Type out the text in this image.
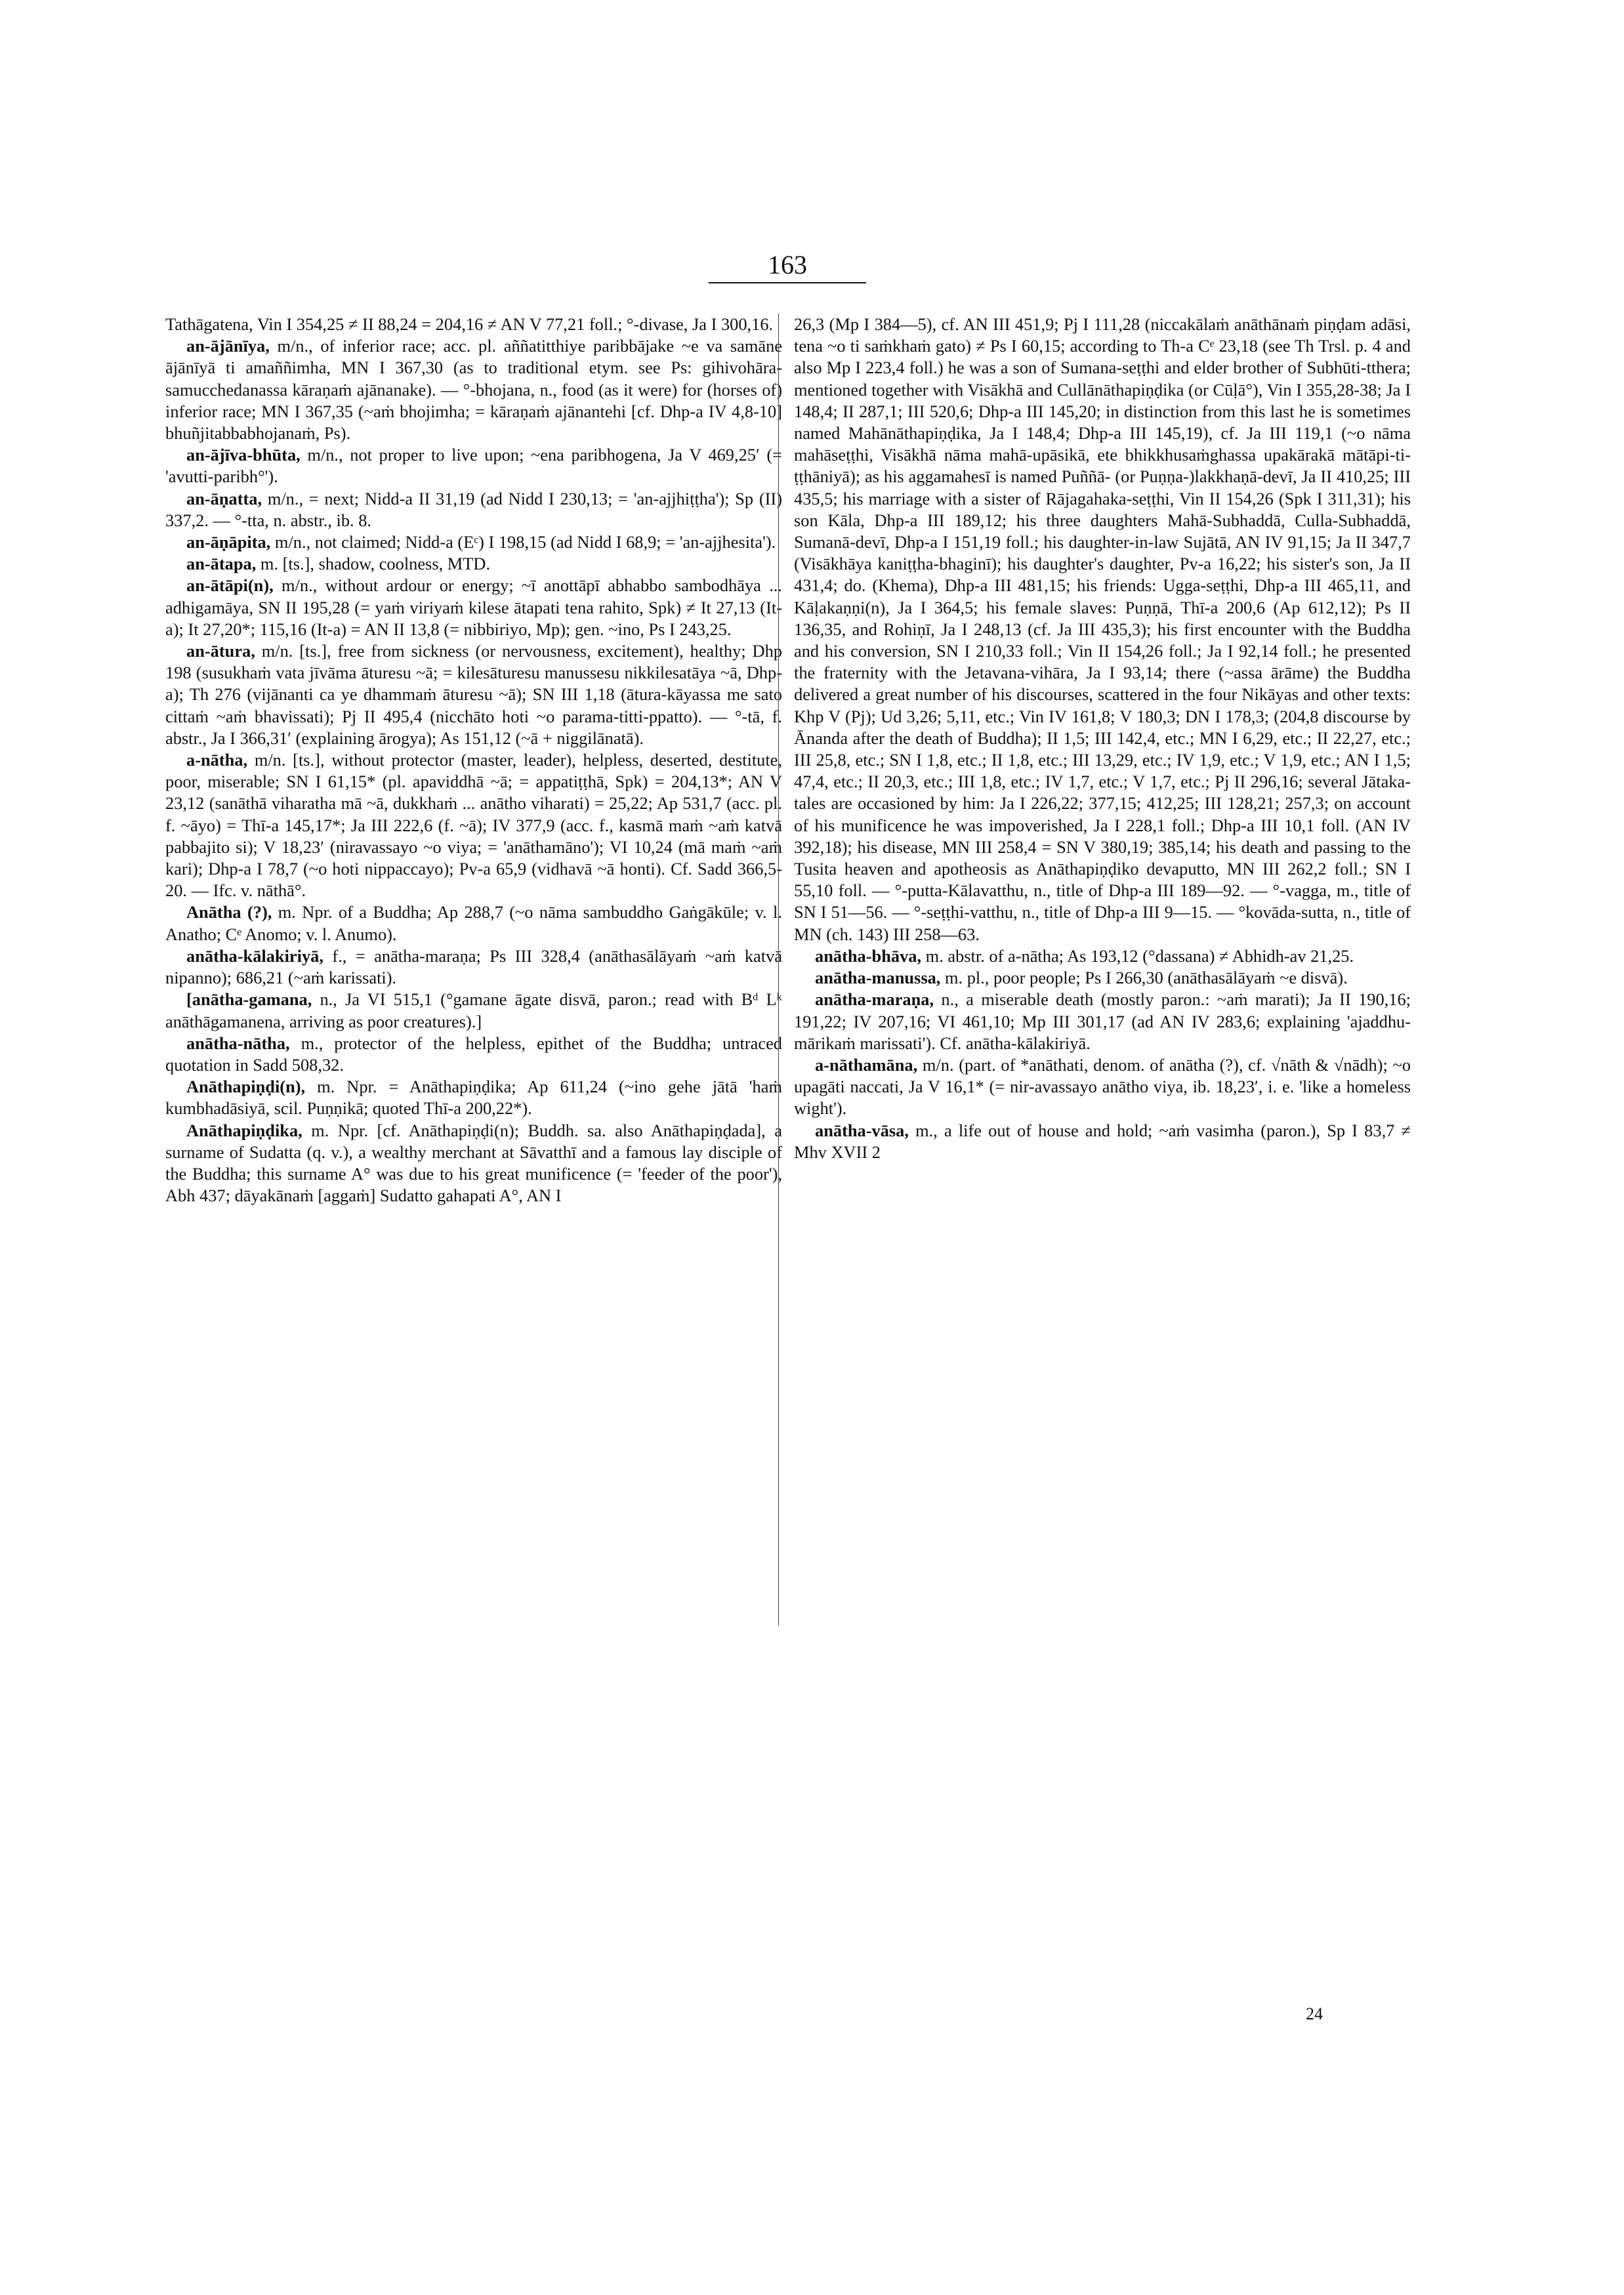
163

Tathāgatena, Vin I 354,25 ≠ II 88,24 = 204,16 ≠ AN V 77,21 foll.; °-divase, Ja I 300,16.

an-ājānīya, m/n., of inferior race; acc. pl. aññatitthiye paribbājake ~e va samāne ājānīyā ti amaññimha, MN I 367,30 (as to traditional etym. see Ps: gihivohāra-samucchedanassa kāraṇaṁ ajānanake). — °-bhojana, n., food (as it were) for (horses of) inferior race; MN I 367,35 (~aṁ bhojimha; = kāraṇaṁ ajānantehi [cf. Dhp-a IV 4,8-10] bhuñjitabbabhojanaṁ, Ps).

an-ājīva-bhūta, m/n., not proper to live upon; ~ena paribhogena, Ja V 469,25′ (= 'avutti-paribh°').

an-āṇatta, m/n., = next; Nidd-a II 31,19 (ad Nidd I 230,13; = 'an-ajjhiṭṭha'); Sp (II) 337,2. — °-tta, n. abstr., ib. 8.

an-āṇāpita, m/n., not claimed; Nidd-a (Eᶜ) I 198,15 (ad Nidd I 68,9; = 'an-ajjhesita').

an-ātapa, m. [ts.], shadow, coolness, MTD.

an-ātāpi(n), m/n., without ardour or energy; ~ī anottāpī abhabbo sambodhāya ... adhigamāya, SN II 195,28 (= yaṁ viriyaṁ kilese ātapati tena rahito, Spk) ≠ It 27,13 (It-a); It 27,20*; 115,16 (It-a) = AN II 13,8 (= nibbiriyo, Mp); gen. ~ino, Ps I 243,25.

an-ātura, m/n. [ts.], free from sickness (or nervousness, excitement), healthy; Dhp 198 (susukhaṁ vata jīvāma āturesu ~ā; = kilesāturesu manussesu nikkilesatāya ~ā, Dhp-a); Th 276 (vijānanti ca ye dhammaṁ āturesu ~ā); SN III 1,18 (ātura-kāyassa me sato cittaṁ ~aṁ bhavissati); Pj II 495,4 (nicchāto hoti ~o parama-titti-ppatto). — °-tā, f. abstr., Ja I 366,31′ (explaining ārogya); As 151,12 (~ā + niggilānatā).

a-nātha, m/n. [ts.], without protector (master, leader), helpless, deserted, destitute, poor, miserable; SN I 61,15* (pl. apaviddhā ~ā; = appatiṭṭhā, Spk) = 204,13*; AN V 23,12 (sanāthā viharatha mā ~ā, dukkhaṁ ... anātho viharati) = 25,22; Ap 531,7 (acc. pl. f. ~āyo) = Thī-a 145,17*; Ja III 222,6 (f. ~ā); IV 377,9 (acc. f., kasmā maṁ ~aṁ katvā pabbajito si); V 18,23′ (niravassayo ~o viya; = 'anāthamāno'); VI 10,24 (mā maṁ ~aṁ kari); Dhp-a I 78,7 (~o hoti nippaccayo); Pv-a 65,9 (vidhavā ~ā honti). Cf. Sadd 366,5-20. — Ifc. v. nāthā°.

Anātha (?), m. Npr. of a Buddha; Ap 288,7 (~o nāma sambuddho Gaṅgākūle; v. l. Anatho; Cᵉ Anomo; v. l. Anumo).

anātha-kālakiriyā, f., = anātha-maraṇa; Ps III 328,4 (anāthasālāyaṁ ~aṁ katvā nipanno); 686,21 (~aṁ karissati).

[anātha-gamana, n., Ja VI 515,1 (°gamane āgate disvā, paron.; read with Bᵈ Lᵏ anāthāgamanena, arriving as poor creatures).]

anātha-nātha, m., protector of the helpless, epithet of the Buddha; untraced quotation in Sadd 508,32.

Anāthapiṇḍi(n), m. Npr. = Anāthapiṇḍika; Ap 611,24 (~ino gehe jātā 'haṁ kumbhadāsiyā, scil. Puṇṇikā; quoted Thī-a 200,22*).

Anāthapiṇḍika, m. Npr. [cf. Anāthapiṇḍi(n); Buddh. sa. also Anāthapiṇḍada], a surname of Sudatta (q. v.), a wealthy merchant at Sāvatthī and a famous lay disciple of the Buddha; this surname A° was due to his great munificence (= 'feeder of the poor'), Abh 437; dāyakānaṁ [aggaṁ] Sudatto gahapati A°, AN I

26,3 (Mp I 384—5), cf. AN III 451,9; Pj I 111,28 (niccakālaṁ anāthānaṁ piṇḍam adāsi, tena ~o ti saṁkhaṁ gato) ≠ Ps I 60,15; according to Th-a Cᵉ 23,18 (see Th Trsl. p. 4 and also Mp I 223,4 foll.) he was a son of Sumana-seṭṭhi and elder brother of Subhūti-tthera; mentioned together with Visākhā and Cullānāthapiṇḍika (or Cūḷā°), Vin I 355,28-38; Ja I 148,4; II 287,1; III 520,6; Dhp-a III 145,20; in distinction from this last he is sometimes named Mahānāthapiṇḍika, Ja I 148,4; Dhp-a III 145,19), cf. Ja III 119,1 (~o nāma mahāseṭṭhi, Visākhā nāma mahā-upāsikā, ete bhikkhusaṁghassa upakārakā mātāpi-ti-ṭṭhāniyā); as his aggamahesī is named Puññā- (or Puṇṇa-)lakkhaṇā-devī, Ja II 410,25; III 435,5; his marriage with a sister of Rājagahaka-seṭṭhi, Vin II 154,26 (Spk I 311,31); his son Kāla, Dhp-a III 189,12; his three daughters Mahā-Subhaddā, Culla-Subhaddā, Sumanā-devī, Dhp-a I 151,19 foll.; his daughter-in-law Sujātā, AN IV 91,15; Ja II 347,7 (Visākhāya kaniṭṭha-bhaginī); his daughter's daughter, Pv-a 16,22; his sister's son, Ja II 431,4; do. (Khema), Dhp-a III 481,15; his friends: Ugga-seṭṭhi, Dhp-a III 465,11, and Kāḷakaṇṇi(n), Ja I 364,5; his female slaves: Puṇṇā, Thī-a 200,6 (Ap 612,12); Ps II 136,35, and Rohiṇī, Ja I 248,13 (cf. Ja III 435,3); his first encounter with the Buddha and his conversion, SN I 210,33 foll.; Vin II 154,26 foll.; Ja I 92,14 foll.; he presented the fraternity with the Jetavana-vihāra, Ja I 93,14; there (~assa ārāme) the Buddha delivered a great number of his discourses, scattered in the four Nikāyas and other texts: Khp V (Pj); Ud 3,26; 5,11, etc.; Vin IV 161,8; V 180,3; DN I 178,3; (204,8 discourse by Ānanda after the death of Buddha); II 1,5; III 142,4, etc.; MN I 6,29, etc.; II 22,27, etc.; III 25,8, etc.; SN I 1,8, etc.; II 1,8, etc.; III 13,29, etc.; IV 1,9, etc.; V 1,9, etc.; AN I 1,5; 47,4, etc.; II 20,3, etc.; III 1,8, etc.; IV 1,7, etc.; V 1,7, etc.; Pj II 296,16; several Jātaka-tales are occasioned by him: Ja I 226,22; 377,15; 412,25; III 128,21; 257,3; on account of his munificence he was impoverished, Ja I 228,1 foll.; Dhp-a III 10,1 foll. (AN IV 392,18); his disease, MN III 258,4 = SN V 380,19; 385,14; his death and passing to the Tusita heaven and apotheosis as Anāthapiṇḍiko devaputto, MN III 262,2 foll.; SN I 55,10 foll. — °-putta-Kālavatthu, n., title of Dhp-a III 189—92. — °-vagga, m., title of SN I 51—56. — °-seṭṭhi-vatthu, n., title of Dhp-a III 9—15. — °kovāda-sutta, n., title of MN (ch. 143) III 258—63.

anātha-bhāva, m. abstr. of a-nātha; As 193,12 (°dassana) ≠ Abhidh-av 21,25.

anātha-manussa, m. pl., poor people; Ps I 266,30 (anāthasālāyaṁ ~e disvā).

anātha-maraṇa, n., a miserable death (mostly paron.: ~aṁ marati); Ja II 190,16; 191,22; IV 207,16; VI 461,10; Mp III 301,17 (ad AN IV 283,6; explaining 'ajaddhu-mārikaṁ marissati'). Cf. anātha-kālakiriyā.

a-nāthamāna, m/n. (part. of *anāthati, denom. of anātha (?), cf. √nāth & √nādh); ~o upagāti naccati, Ja V 16,1* (= nir-avassayo anātho viya, ib. 18,23′, i. e. 'like a homeless wight').

anātha-vāsa, m., a life out of house and hold; ~aṁ vasimha (paron.), Sp I 83,7 ≠ Mhv XVII 2

24
